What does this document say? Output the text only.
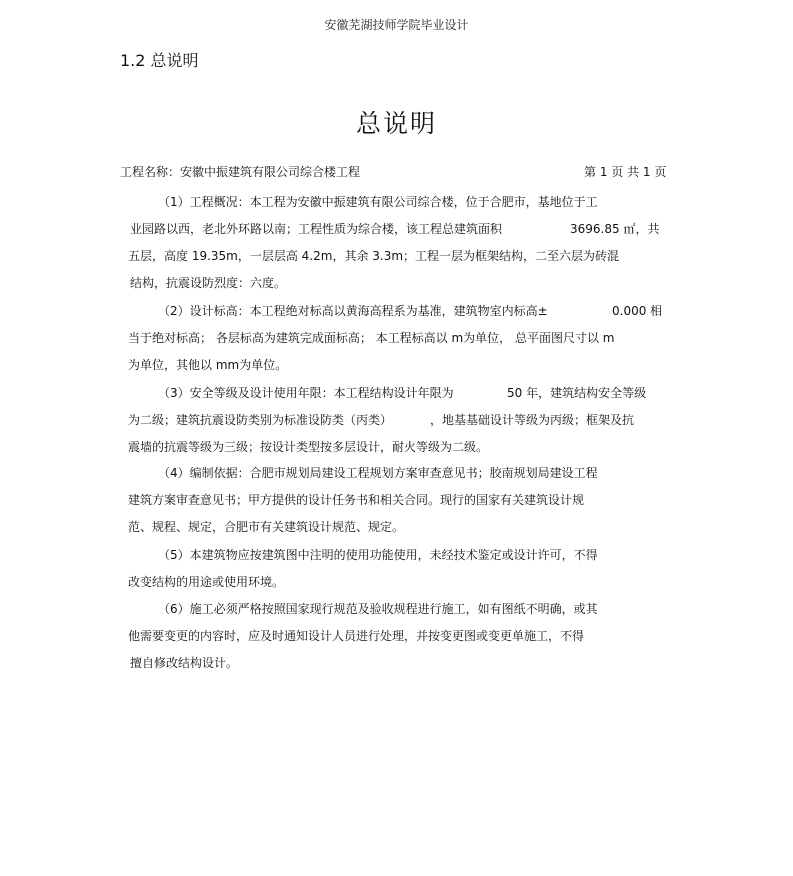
安徽芜湖技师学院毕业设计
1.2 总说明
总说明
工程名称：安徽中振建筑有限公司综合楼工程	第 1 页 共 1 页
（1）工程概况：本工程为安徽中振建筑有限公司综合楼，位于合肥市，基地位于工
业园路以西，老北外环路以南；工程性质为综合楼，该工程总建筑面积	3696.85 ㎡，共
五层，高度 19.35m，一层层高 4.2m，其余 3.3m；工程一层为框架结构，二至六层为砖混
结构，抗震设防烈度：六度。
（2）设计标高：本工程绝对标高以黄海高程系为基准，建筑物室内标高±	0.000 相
当于绝对标高； 各层标高为建筑完成面标高； 本工程标高以 m为单位， 总平面图尺寸以 m
为单位，其他以 mm为单位。
（3）安全等级及设计使用年限：本工程结构设计年限为	50 年，建筑结构安全等级
为二级；建筑抗震设防类别为标准设防类（丙类）	，地基基础设计等级为丙级；框架及抗
震墙的抗震等级为三级；按设计类型按多层设计，耐火等级为二级。
（4）编制依据：合肥市规划局建设工程规划方案审查意见书；胶南规划局建设工程
建筑方案审查意见书；甲方提供的设计任务书和相关合同。现行的国家有关建筑设计规
范、规程、规定，合肥市有关建筑设计规范、规定。
（5）本建筑物应按建筑图中注明的使用功能使用，未经技术鉴定或设计许可，不得
改变结构的用途或使用环境。
（6）施工必须严格按照国家现行规范及验收规程进行施工，如有图纸不明确，或其
他需要变更的内容时，应及时通知设计人员进行处理，并按变更图或变更单施工，不得
擅自修改结构设计。
